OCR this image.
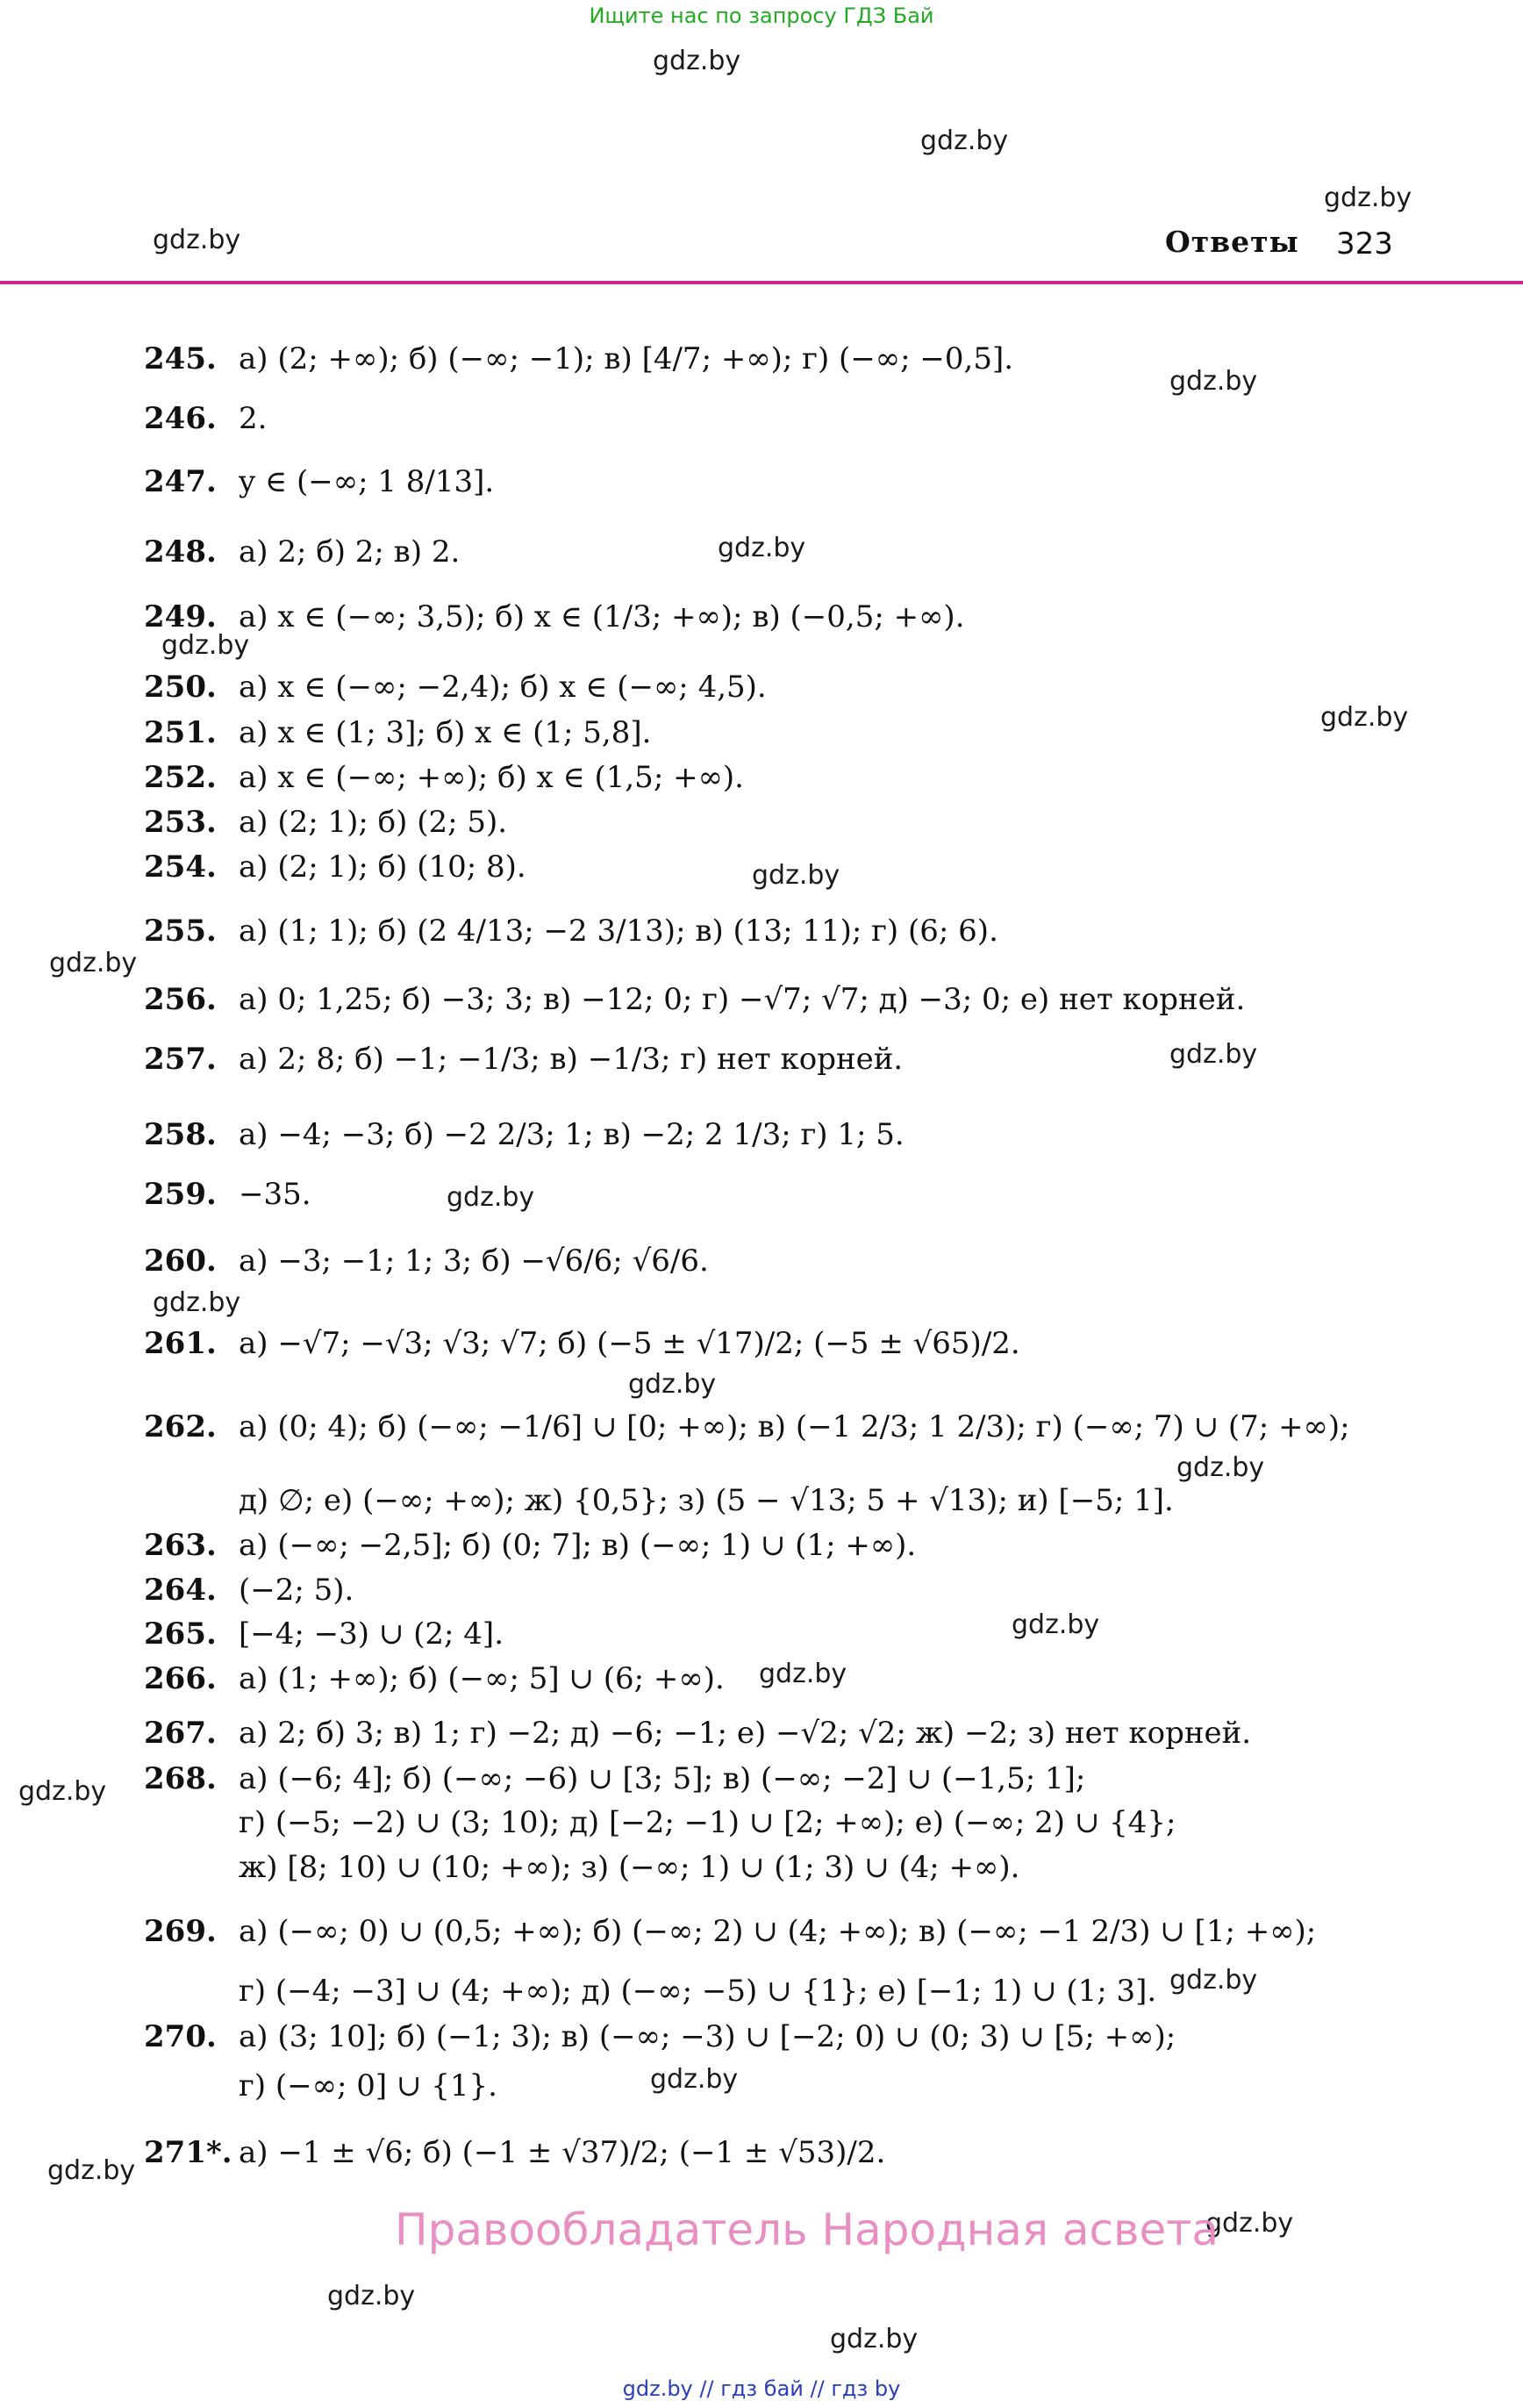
Ищите нас по запросу ГДЗ Бай
gdz.by
gdz.by
gdz.by
gdz.by
gdz.by
gdz.by
gdz.by
gdz.by
gdz.by
gdz.by
gdz.by
gdz.by
gdz.by
gdz.by
gdz.by
gdz.by
gdz.by
gdz.by
gdz.by
gdz.by
gdz.by
gdz.by
gdz.by
gdz.by
Ответы 323
245. а) (2; +∞); б) (−∞; −1); в) [4/7; +∞); г) (−∞; −0,5].
246. 2.
247. y ∈ (−∞; 1 8/13].
248. а) 2; б) 2; в) 2.
249. а) x ∈ (−∞; 3,5); б) x ∈ (1/3; +∞); в) (−0,5; +∞).
250. а) x ∈ (−∞; −2,4); б) x ∈ (−∞; 4,5).
251. а) x ∈ (1; 3]; б) x ∈ (1; 5,8].
252. а) x ∈ (−∞; +∞); б) x ∈ (1,5; +∞).
253. а) (2; 1); б) (2; 5).
254. а) (2; 1); б) (10; 8).
255. а) (1; 1); б) (2 4/13; −2 3/13); в) (13; 11); г) (6; 6).
256. а) 0; 1,25; б) −3; 3; в) −12; 0; г) −√7; √7; д) −3; 0; е) нет корней.
257. а) 2; 8; б) −1; −1/3; в) −1/3; г) нет корней.
258. а) −4; −3; б) −2 2/3; 1; в) −2; 2 1/3; г) 1; 5.
259. −35.
260. а) −3; −1; 1; 3; б) −√6/6; √6/6.
261. а) −√7; −√3; √3; √7; б) (−5 ± √17)/2; (−5 ± √65)/2.
262. а) (0; 4); б) (−∞; −1/6] ∪ [0; +∞); в) (−1 2/3; 1 2/3); г) (−∞; 7) ∪ (7; +∞);
д) ∅; е) (−∞; +∞); ж) {0,5}; з) (5 − √13; 5 + √13); и) [−5; 1].
263. а) (−∞; −2,5]; б) (0; 7]; в) (−∞; 1) ∪ (1; +∞).
264. (−2; 5).
265. [−4; −3) ∪ (2; 4].
266. а) (1; +∞); б) (−∞; 5] ∪ (6; +∞).
267. а) 2; б) 3; в) 1; г) −2; д) −6; −1; е) −√2; √2; ж) −2; з) нет корней.
268. а) (−6; 4]; б) (−∞; −6) ∪ [3; 5]; в) (−∞; −2] ∪ (−1,5; 1];
г) (−5; −2) ∪ (3; 10); д) [−2; −1) ∪ [2; +∞); е) (−∞; 2) ∪ {4};
ж) [8; 10) ∪ (10; +∞); з) (−∞; 1) ∪ (1; 3) ∪ (4; +∞).
269. а) (−∞; 0) ∪ (0,5; +∞); б) (−∞; 2) ∪ (4; +∞); в) (−∞; −1 2/3) ∪ [1; +∞);
г) (−4; −3] ∪ (4; +∞); д) (−∞; −5) ∪ {1}; е) [−1; 1) ∪ (1; 3].
270. а) (3; 10]; б) (−1; 3); в) (−∞; −3) ∪ [−2; 0) ∪ (0; 3) ∪ [5; +∞);
г) (−∞; 0] ∪ {1}.
271*. а) −1 ± √6; б) (−1 ± √37)/2; (−1 ± √53)/2.
Правообладатель Народная асвета
gdz.by // гдз бай // гдз by
